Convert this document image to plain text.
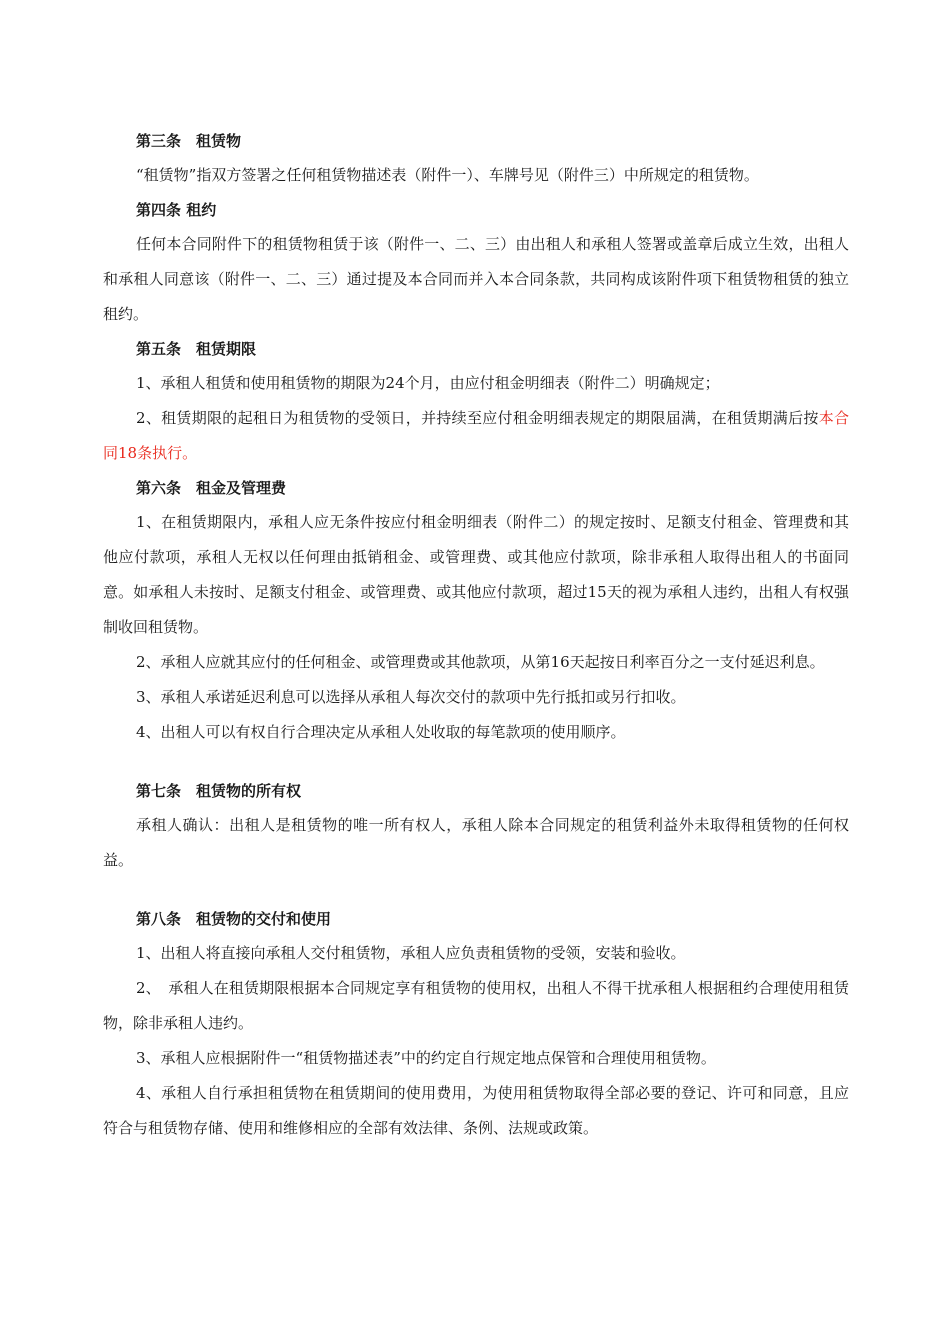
第三条　租赁物
“租赁物”指双方签署之任何租赁物描述表（附件一）、车牌号见（附件三）中所规定的租赁物。
第四条 租约
任何本合同附件下的租赁物租赁于该（附件一、二、三）由出租人和承租人签署或盖章后成立生效，出租人和承租人同意该（附件一、二、三）通过提及本合同而并入本合同条款，共同构成该附件项下租赁物租赁的独立租约。
第五条　租赁期限
1、承租人租赁和使用租赁物的期限为24个月，由应付租金明细表（附件二）明确规定；
2、租赁期限的起租日为租赁物的受领日，并持续至应付租金明细表规定的期限届满，在租赁期满后按本合同18条执行。
第六条　租金及管理费
1、在租赁期限内，承租人应无条件按应付租金明细表（附件二）的规定按时、足额支付租金、管理费和其他应付款项，承租人无权以任何理由抵销租金、或管理费、或其他应付款项，除非承租人取得出租人的书面同意。如承租人未按时、足额支付租金、或管理费、或其他应付款项，超过15天的视为承租人违约，出租人有权强制收回租赁物。
2、承租人应就其应付的任何租金、或管理费或其他款项，从第16天起按日利率百分之一支付延迟利息。
3、承租人承诺延迟利息可以选择从承租人每次交付的款项中先行抵扣或另行扣收。
4、出租人可以有权自行合理决定从承租人处收取的每笔款项的使用顺序。
第七条　租赁物的所有权
承租人确认：出租人是租赁物的唯一所有权人，承租人除本合同规定的租赁利益外未取得租赁物的任何权益。
第八条　租赁物的交付和使用
1、出租人将直接向承租人交付租赁物，承租人应负责租赁物的受领，安装和验收。
2、　承租人在租赁期限根据本合同规定享有租赁物的使用权，出租人不得干扰承租人根据租约合理使用租赁物，除非承租人违约。
3、承租人应根据附件一“租赁物描述表”中的约定自行规定地点保管和合理使用租赁物。
4、承租人自行承担租赁物在租赁期间的使用费用，为使用租赁物取得全部必要的登记、许可和同意，且应符合与租赁物存储、使用和维修相应的全部有效法律、条例、法规或政策。
